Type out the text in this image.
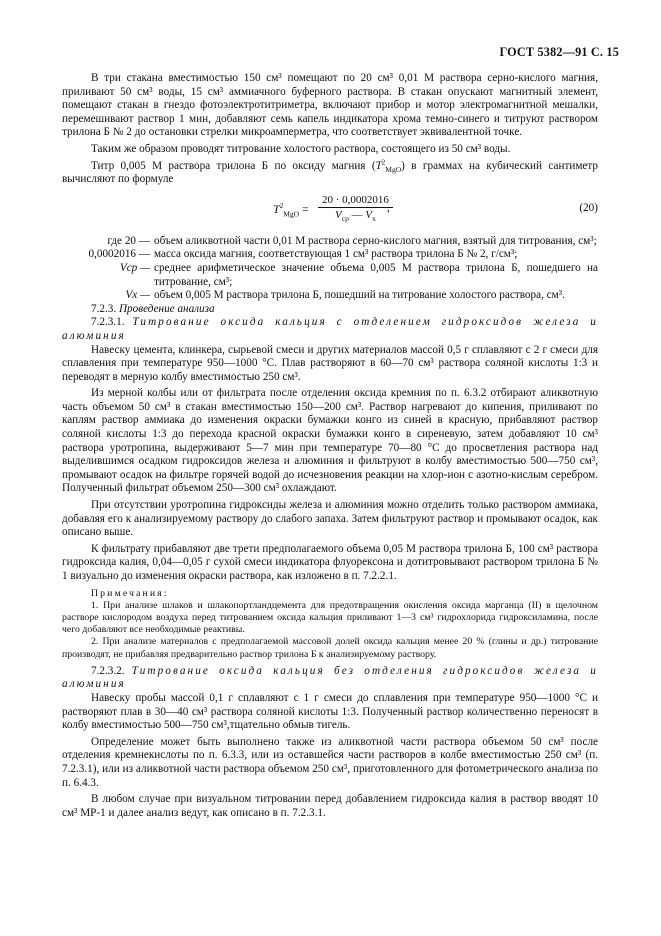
ГОСТ 5382—91 С. 15

В три стакана вместимостью 150 см³ помещают по 20 см³ 0,01 М раствора серно-кислого магния, приливают 50 см³ воды, 15 см³ аммиачного буферного раствора. В стакан опускают магнитный элемент, помещают стакан в гнездо фотоэлектротитриметра, включают прибор и мотор электромагнитной мешалки, перемешивают раствор 1 мин, добавляют семь капель индикатора хрома темно-синего и титруют раствором трилона Б № 2 до остановки стрелки микроамперметра, что соответствует эквивалентной точке.

Таким же образом проводят титрование холостого раствора, состоящего из 50 см³ воды.

Титр 0,005 М раствора трилона Б по оксиду магния $(T^2_{MgO})$ в граммах на кубический сантиметр вычисляют по формуле

$T^2_{MgO}$ =
20 · 0,0002016
$V_{ср}$ — $V_х$
,	(20)
где 20 — объем аликвотной части 0,01 М раствора серно-кислого магния, взятый для титрования, см³;
0,0002016 — масса оксида магния, соответствующая 1 см³ раствора трилона Б № 2, г/см³;
Vср — среднее арифметическое значение объема 0,005 М раствора трилона Б, пошедшего на титрование, см³;
Vх — объем 0,005 М раствора трилона Б, пошедший на титрование холостого раствора, см³.

7.2.3. Проведение анализа

7.2.3.1. Титрование оксида кальция с отделением гидроксидов железа и алюминия

Навеску цемента, клинкера, сырьевой смеси и других материалов массой 0,5 г сплавляют с 2 г смеси для сплавления при температуре 950—1000 °С. Плав растворяют в 60—70 см³ раствора соляной кислоты 1:3 и переводят в мерную колбу вместимостью 250 см³.

Из мерной колбы или от фильтрата после отделения оксида кремния по п. 6.3.2 отбирают аликвотную часть объемом 50 см³ в стакан вместимостью 150—200 см³. Раствор нагревают до кипения, приливают по каплям раствор аммиака до изменения окраски бумажки конго из синей в красную, прибавляют раствор соляной кислоты 1:3 до перехода красной окраски бумажки конго в сиреневую, затем добавляют 10 см³ раствора уротропина, выдерживают 5—7 мин при температуре 70—80 °С до просветления раствора над выделившимся осадком гидроксидов железа и алюминия и фильтруют в колбу вместимостью 500—750 см³, промывают осадок на фильтре горячей водой до исчезновения реакции на хлор-ион с азотно-кислым серебром. Полученный фильтрат объемом 250—300 см³ охлаждают.

При отсутствии уротропина гидроксиды железа и алюминия можно отделить только раствором аммиака, добавляя его к анализируемому раствору до слабого запаха. Затем фильтруют раствор и промывают осадок, как описано выше.

К фильтрату прибавляют две трети предполагаемого объема 0,05 М раствора трилона Б, 100 см³ раствора гидроксида калия, 0,04—0,05 г сухой смеси индикатора флуорексона и дотитровывают раствором трилона Б № 1 визуально до изменения окраски раствора, как изложено в п. 7.2.2.1.

Примечания:

1. При анализе шлаков и шлакопортландцемента для предотвращения окисления оксида марганца (II) в щелочном растворе кислородом воздуха перед титрованием оксида кальция приливают 1—3 см³ гидрохлорида гидроксиламина, после чего добавляют все необходимые реактивы.

2. При анализе материалов с предполагаемой массовой долей оксида кальция менее 20 % (глины и др.) титрование производят, не прибавляя предварительно раствор трилона Б к анализируемому раствору.

7.2.3.2. Титрование оксида кальция без отделения гидроксидов железа и алюминия

Навеску пробы массой 0,1 г сплавляют с 1 г смеси до сплавления при температуре 950—1000 °С и растворяют плав в 30—40 см³ раствора соляной кислоты 1:3. Полученный раствор количественно переносят в колбу вместимостью 500—750 см³,тщательно обмыв тигель.

Определение может быть выполнено также из аликвотной части раствора объемом 50 см³ после отделения кремнекислоты по п. 6.3.3, или из оставшейся части растворов в колбе вместимостью 250 см³ (п. 7.2.3.1), или из аликвотной части раствора объемом 250 см³, приготовленного для фотометрического анализа по п. 6.4.3.

В любом случае при визуальном титровании перед добавлением гидроксида калия в раствор вводят 10 см³ МР-1 и далее анализ ведут, как описано в п. 7.2.3.1.
